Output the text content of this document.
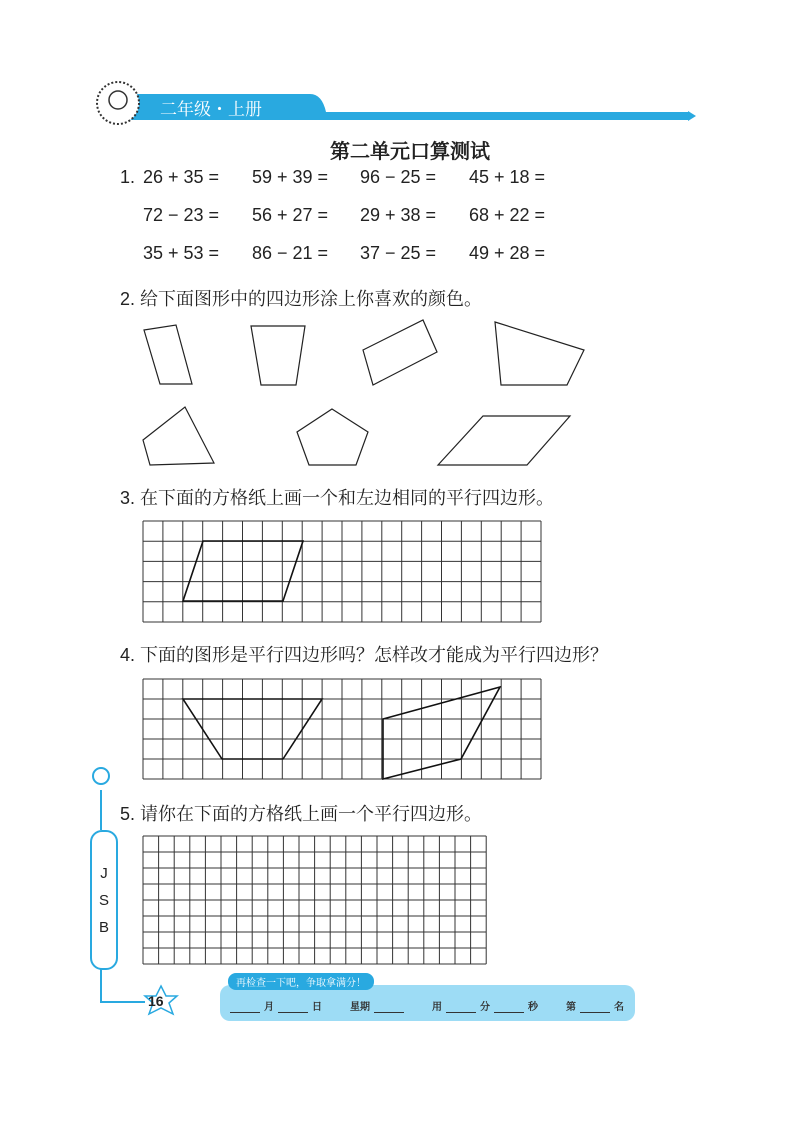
二年级・上册
第二单元口算测试
1. 26 + 35 = 59 + 39 = 96 − 25 = 45 + 18 =
72 − 23 = 56 + 27 = 29 + 38 = 68 + 22 =
35 + 53 = 86 − 21 = 37 − 25 = 49 + 28 =
2. 给下面图形中的四边形涂上你喜欢的颜色。
3. 在下面的方格纸上画一个和左边相同的平行四边形。
4. 下面的图形是平行四边形吗？怎样改才能成为平行四边形？
5. 请你在下面的方格纸上画一个平行四边形。
J
S
B
16
再检查一下吧，争取拿满分！
月	日	星期	用	分	秒	第	名
